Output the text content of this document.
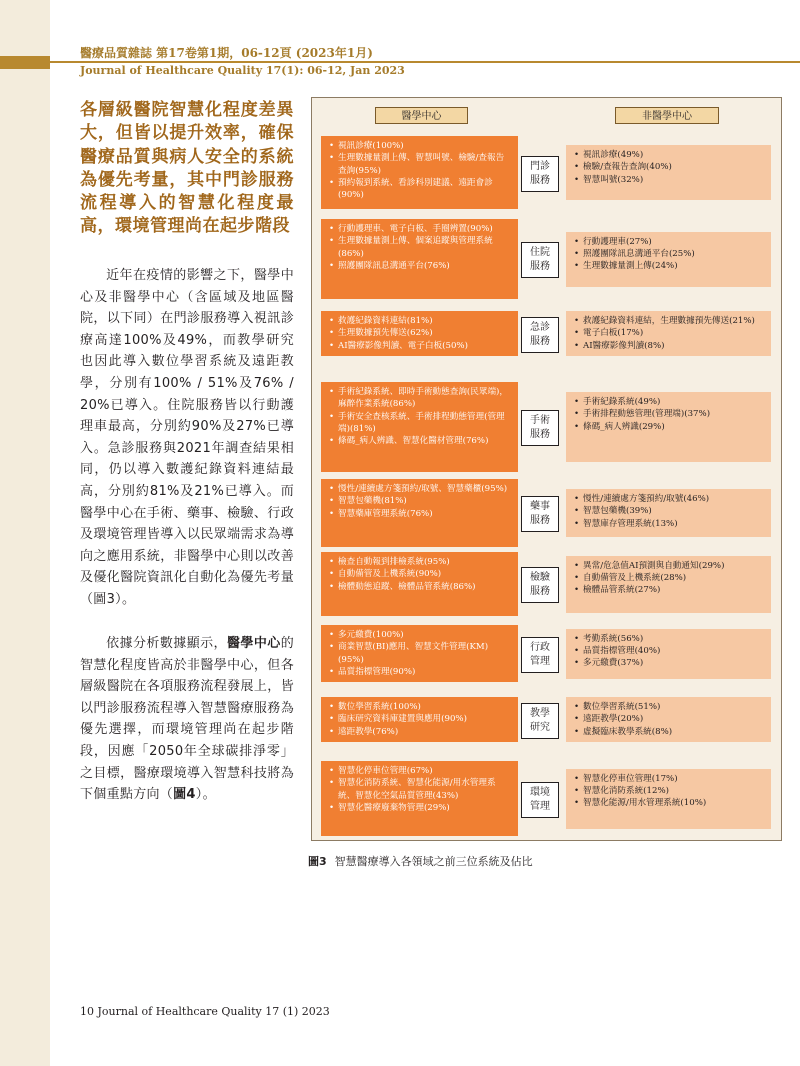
醫療品質雜誌 第17卷第1期，06-12頁 (2023年1月)
Journal of Healthcare Quality 17(1): 06-12, Jan 2023
各層級醫院智慧化程度差異大，但皆以提升效率，確保醫療品質與病人安全的系統為優先考量，其中門診服務流程導入的智慧化程度最高，環境管理尚在起步階段

近年在疫情的影響之下，醫學中心及非醫學中心（含區域及地區醫院，以下同）在門診服務導入視訊診療高達100%及49%，而教學研究也因此導入數位學習系統及遠距教學，分別有100% / 51%及76% / 20%已導入。住院服務皆以行動護理車最高，分別約90%及27%已導入。急診服務與2021年調查結果相同，仍以導入數護紀錄資料連結最高，分別約81%及21%已導入。而醫學中心在手術、藥事、檢驗、行政及環境管理皆導入以民眾端需求為導向之應用系統，非醫學中心則以改善及優化醫院資訊化自動化為優先考量（圖3）。

依據分析數據顯示，醫學中心的智慧化程度皆高於非醫學中心，但各層級醫院在各項服務流程發展上，皆以門診服務流程導入智慧醫療服務為優先選擇，而環境管理尚在起步階段，因應「2050年全球碳排淨零」之目標，醫療環境導入智慧科技將為下個重點方向（圖4）。

醫學中心	非醫學中心
• 視訊診療(100%)
• 生理數據量測上傳、智慧叫號、檢驗/查報告查詢(95%)
• 預約報到系統、看診科別建議、遠距會診(90%)
• 視訊診療(49%)
• 檢驗/查報告查詢(40%)
• 智慧叫號(32%)
門診
服務
• 行動護理車、電子白板、手圈辨置(90%)
• 生理數據量測上傳、個案追蹤與管理系統(86%)
• 照護團隊訊息溝通平台(76%)
• 行動護理車(27%)
• 照護團隊訊息溝通平台(25%)
• 生理數據量測上傳(24%)
住院
服務
• 救護紀錄資料連結(81%)
• 生理數據預先傳送(62%)
• AI醫療影像判讀、電子白板(50%)
• 救護紀錄資料連結，生理數據預先傳送(21%)
• 電子白板(17%)
• AI醫療影像判讀(8%)
急診
服務
• 手術紀錄系統、即時手術動態查詢(民眾端)，麻醉作業系統(86%)
• 手術安全查核系統、手術排程動態管理(管理端)(81%)
• 條碼_病人辨識、智慧化醫材管理(76%)
• 手術紀錄系統(49%)
• 手術排程動態管理(管理端)(37%)
• 條碼_病人辨識(29%)
手術
服務
• 慢性/連續處方箋預約/取號、智慧藥櫃(95%)
• 智慧包藥機(81%)
• 智慧藥庫管理系統(76%)
• 慢性/連續處方箋預約/取號(46%)
• 智慧包藥機(39%)
• 智慧庫存管理系統(13%)
藥事
服務
• 檢查自動報到排檢系統(95%)
• 自動備管及上機系統(90%)
• 檢體動態追蹤、檢體品管系統(86%)
• 異常/危急值AI預測與自動通知(29%)
• 自動備管及上機系統(28%)
• 檢體品管系統(27%)
檢驗
服務
• 多元繳費(100%)
• 商業智慧(BI)應用、智慧文件管理(KM)(95%)
• 品質指標管理(90%)
• 考勤系統(56%)
• 品質指標管理(40%)
• 多元繳費(37%)
行政
管理
• 數位學習系統(100%)
• 臨床研究資料庫建置與應用(90%)
• 遠距教學(76%)
• 數位學習系統(51%)
• 遠距教學(20%)
• 虛擬臨床教學系統(8%)
教學
研究
• 智慧化停車位管理(67%)
• 智慧化消防系統、智慧化能源/用水管理系統、智慧化空氣品質管理(43%)
• 智慧化醫療廢棄物管理(29%)
• 智慧化停車位管理(17%)
• 智慧化消防系統(12%)
• 智慧化能源/用水管理系統(10%)
環境
管理
圖3 智慧醫療導入各領域之前三位系統及佔比
10 Journal of Healthcare Quality 17 (1) 2023
